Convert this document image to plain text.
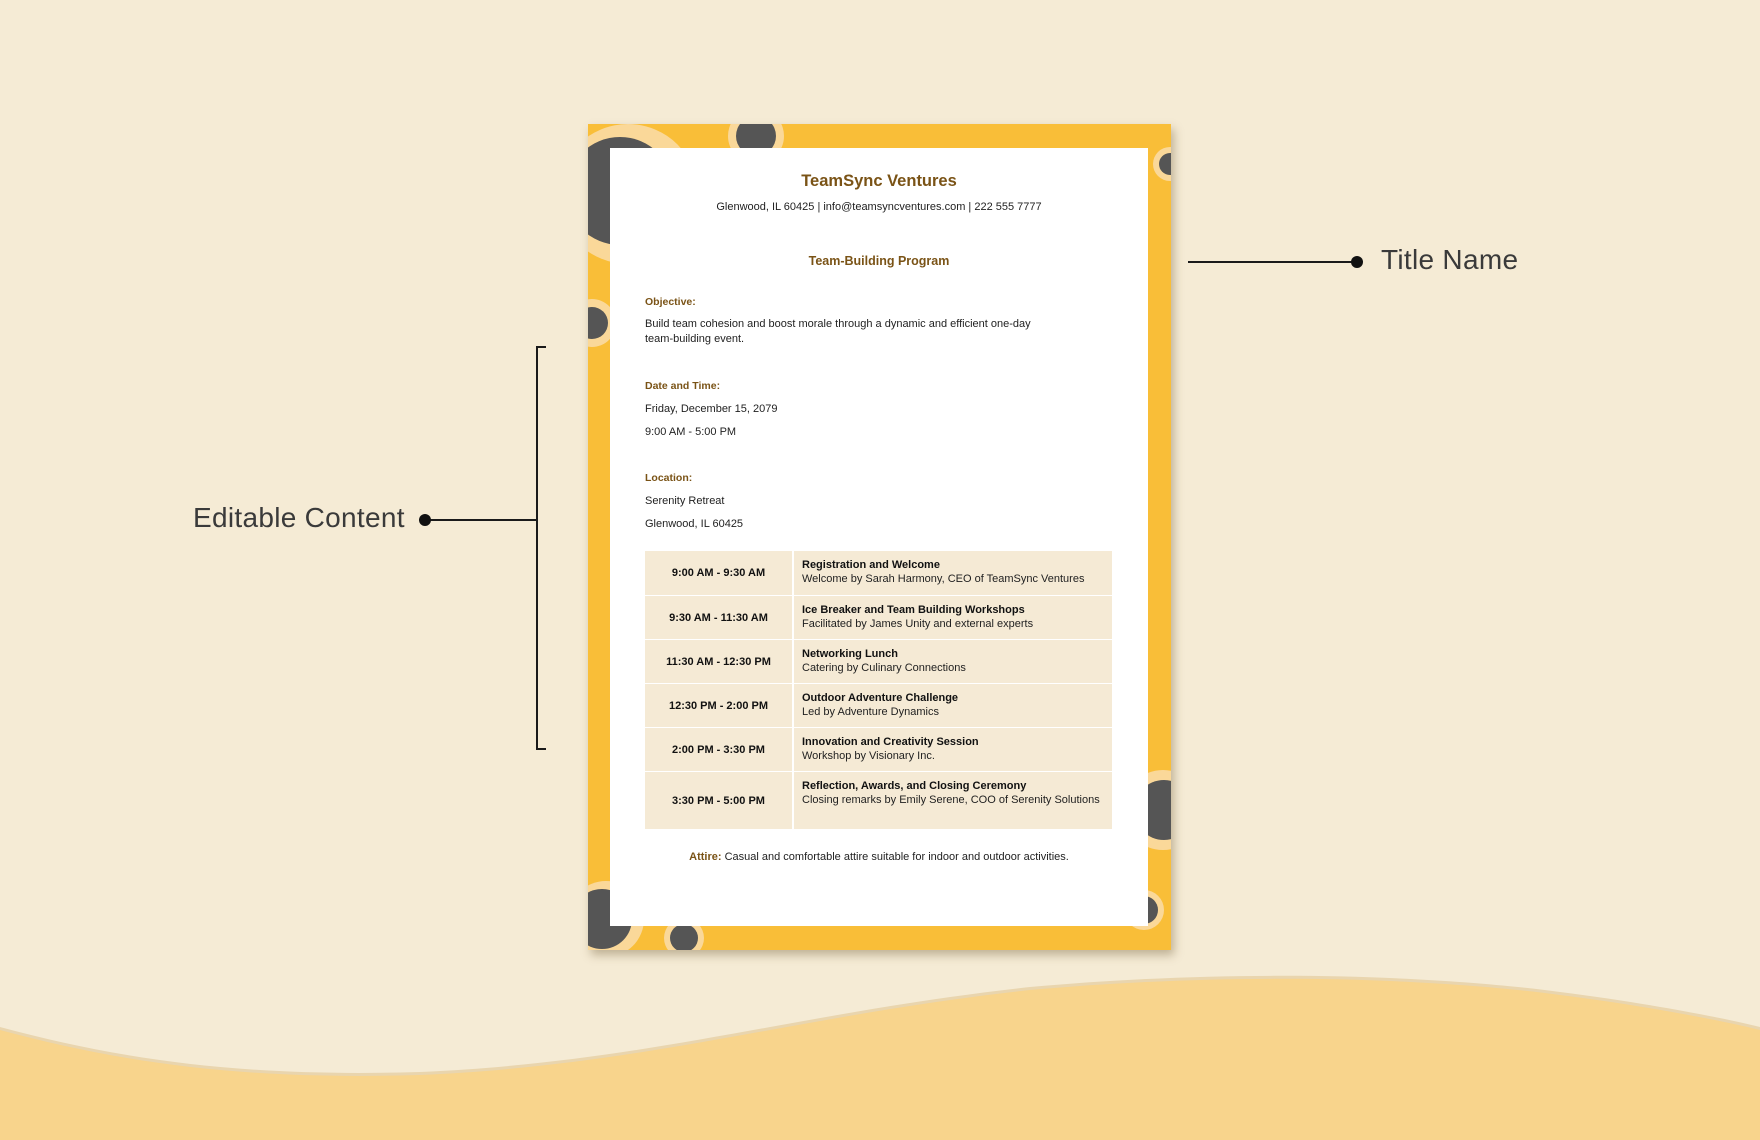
Title Name
Editable Content
TeamSync Ventures
Glenwood, IL 60425 | info@teamsyncventures.com | 222 555 7777
Team-Building Program
Objective:
Build team cohesion and boost morale through a dynamic and efficient one-day team-building event.
Date and Time:
Friday, December 15, 2079
9:00 AM - 5:00 PM
Location:
Serenity Retreat
Glenwood, IL 60425
9:00 AM - 9:30 AM
Registration and Welcome
Welcome by Sarah Harmony, CEO of TeamSync Ventures
9:30 AM - 11:30 AM
Ice Breaker and Team Building Workshops
Facilitated by James Unity and external experts
11:30 AM - 12:30 PM
Networking Lunch
Catering by Culinary Connections
12:30 PM - 2:00 PM
Outdoor Adventure Challenge
Led by Adventure Dynamics
2:00 PM - 3:30 PM
Innovation and Creativity Session
Workshop by Visionary Inc.
3:30 PM - 5:00 PM
Reflection, Awards, and Closing Ceremony
Closing remarks by Emily Serene, COO of Serenity Solutions
Attire: Casual and comfortable attire suitable for indoor and outdoor activities.
